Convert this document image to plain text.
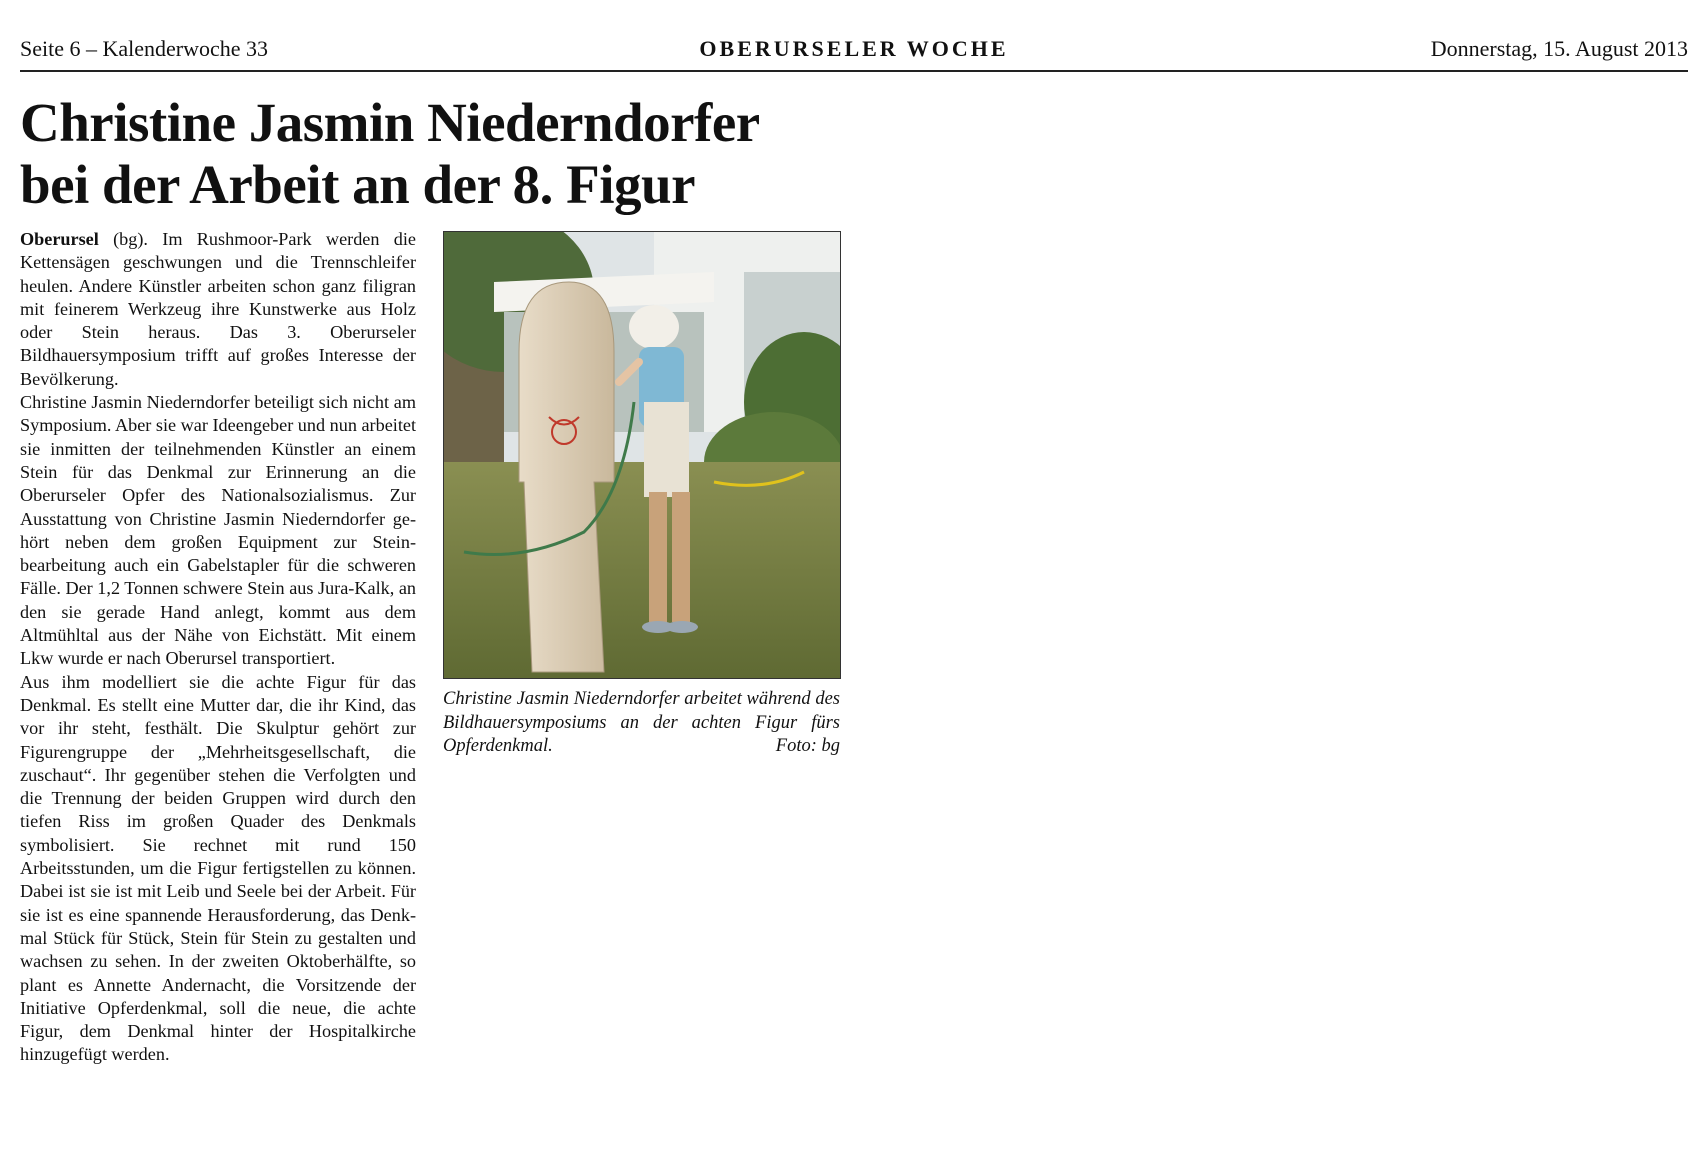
Seite 6 – Kalenderwoche 33	OBERURSELER WOCHE	Donnerstag, 15. August 2013
Christine Jasmin Niederndorfer
bei der Arbeit an der 8. Figur

Oberursel (bg). Im Rushmoor-Park werden die Kettensägen geschwungen und die Trennschleifer heulen. Andere Künstler arbeiten schon ganz filigran mit feinerem Werkzeug ihre Kunstwerke aus Holz oder Stein heraus. Das 3. Oberurseler Bildhauersymposium trifft auf großes Interesse der Bevölkerung.

Christine Jasmin Niederndorfer beteiligt sich nicht am Symposium. Aber sie war Ideengeber und nun arbeitet sie inmitten der teilnehmenden Künstler an einem Stein für das Denkmal zur Erinnerung an die Oberurseler Opfer des Nationalsozialismus. Zur Ausstattung von Christine Jasmin Niederndorfer gehört neben dem großen Equipment zur Steinbearbeitung auch ein Gabelstapler für die schweren Fälle. Der 1,2 Tonnen schwere Stein aus Jura-Kalk, an den sie gerade Hand anlegt, kommt aus dem Altmühltal aus der Nähe von Eichstätt. Mit einem Lkw wurde er nach Oberursel transportiert.

Aus ihm modelliert sie die achte Figur für das Denkmal. Es stellt eine Mutter dar, die ihr Kind, das vor ihr steht, festhält. Die Skulptur gehört zur Figurengruppe der „Mehrheitsgesellschaft, die zuschaut“. Ihr gegenüber stehen die Verfolgten und die Trennung der beiden Gruppen wird durch den tiefen Riss im großen Quader des Denkmals symbolisiert. Sie rechnet mit rund 150 Arbeitsstunden, um die Figur fertigstellen zu können. Dabei ist sie ist mit Leib und Seele bei der Arbeit. Für sie ist es eine spannende Herausforderung, das Denkmal Stück für Stück, Stein für Stein zu gestalten und wachsen zu sehen. In der zweiten Oktoberhälfte, so plant es Annette Andernacht, die Vorsitzende der Initiative Opferdenkmal, soll die neue, die achte Figur, dem Denkmal hinter der Hospitalkirche hinzugefügt werden.

Christine Jasmin Niederndorfer arbeitet während des Bildhauersymposiums an der achten Figur fürs Opferdenkmal.	Foto: bg
